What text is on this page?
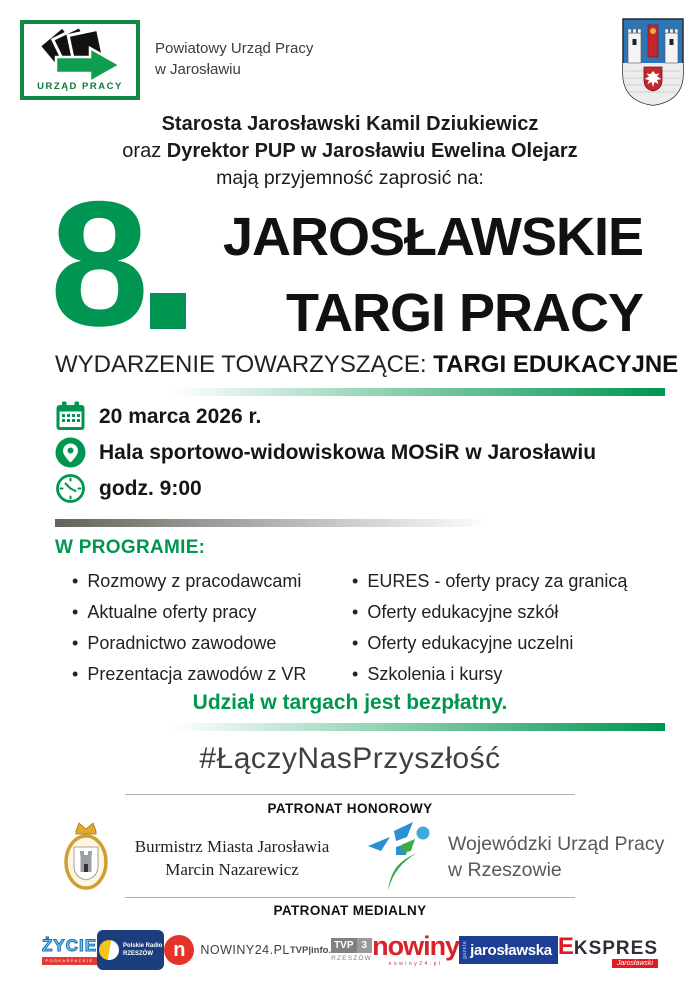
URZĄD PRACY
Powiatowy Urząd Pracy
w Jarosławiu
Starosta Jarosławski Kamil Dziukiewicz
oraz Dyrektor PUP w Jarosławiu Ewelina Olejarz
mają przyjemność zaprosić na:
8	JAROSŁAWSKIE
TARGI PRACY
WYDARZENIE TOWARZYSZĄCE: TARGI EDUKACYJNE
20 marca 2026 r.
Hala sportowo-widowiskowa MOSiR w Jarosławiu
godz. 9:00
W PROGRAMIE:
• Rozmowy z pracodawcami
• Aktualne oferty pracy
• Poradnictwo zawodowe
• Prezentacja zawodów z VR
• EURES - oferty pracy za granicą
• Oferty edukacyjne szkół
• Oferty edukacyjne uczelni
• Szkolenia i kursy
Udział w targach jest bezpłatny.
#ŁączyNasPrzyszłość
PATRONAT HONOROWY
Burmistrz Miasta Jarosławia
Marcin Nazarewicz
Wojewódzki Urząd Pracy
w Rzeszowie
PATRONAT MEDIALNY
ŻYCIE
PODKARPACKIE
Polskie Radio
RZESZÓW	n	NOWINY24.PL TVP|info. TVP 3
RZESZÓW nowiny
nowiny24.pl
gazeta jarosławska E KSPRES
Jarosławski
